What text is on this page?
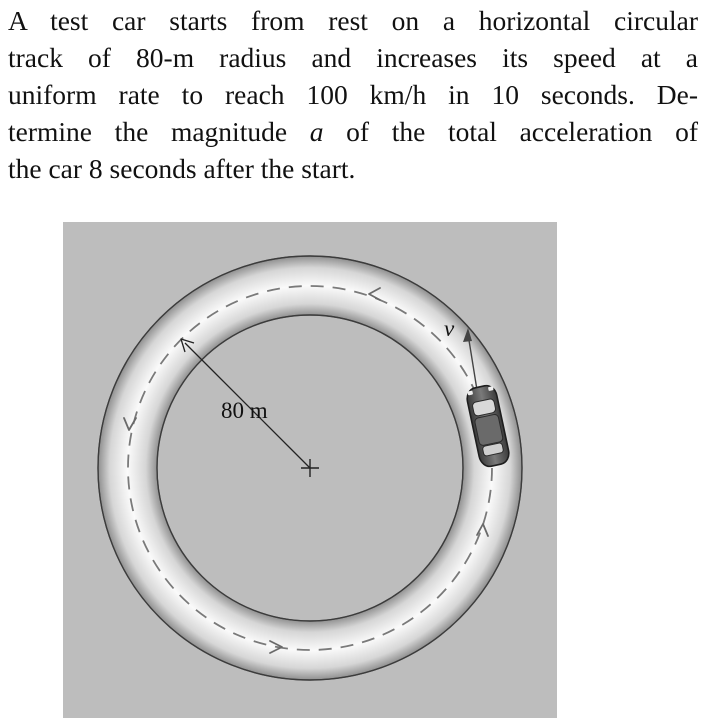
A test car starts from rest on a horizontal circular
track of 80-m radius and increases its speed at a
uniform rate to reach 100 km/h in 10 seconds. De-
termine the magnitude a of the total acceleration of
the car 8 seconds after the start.
80 m
v
